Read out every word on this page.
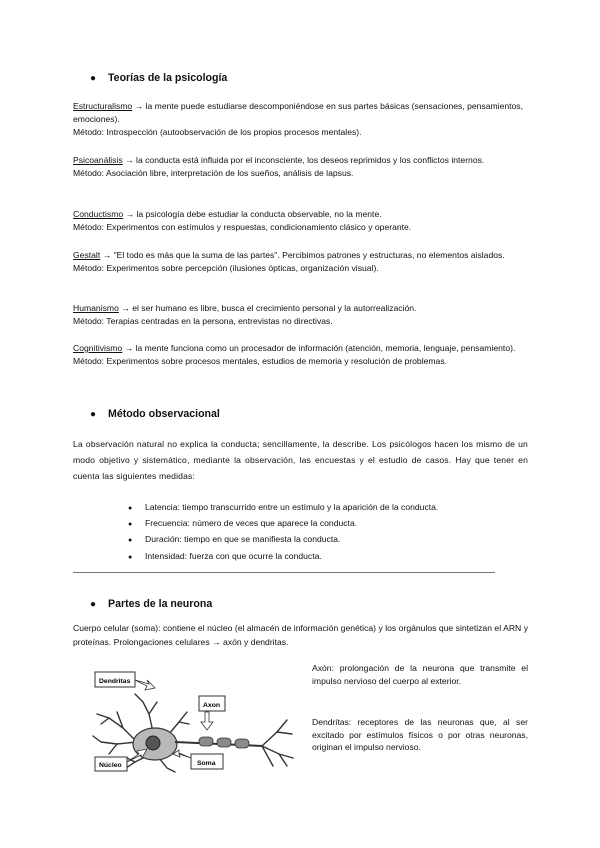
● Teorías de la psicología

Estructuralismo → la mente puede estudiarse descomponiéndose en sus partes básicas (sensaciones, pensamientos, emociones).

Método: Introspección (autoobservación de los propios procesos mentales).

Psicoanálisis → la conducta está influida por el inconsciente, los deseos reprimidos y los conflictos internos.

Método: Asociación libre, interpretación de los sueños, análisis de lapsus.

Conductismo → la psicología debe estudiar la conducta observable, no la mente.

Método: Experimentos con estímulos y respuestas, condicionamiento clásico y operante.

Gestalt → "El todo es más que la suma de las partes". Percibimos patrones y estructuras, no elementos aislados.

Método: Experimentos sobre percepción (ilusiones ópticas, organización visual).

Humanismo → el ser humano es libre, busca el crecimiento personal y la autorrealización.

Método: Terapias centradas en la persona, entrevistas no directivas.

Cognitivismo → la mente funciona como un procesador de información (atención, memoria, lenguaje, pensamiento).

Método: Experimentos sobre procesos mentales, estudios de memoria y resolución de problemas.

● Método observacional
La observación natural no explica la conducta; sencillamente, la describe. Los psicólogos hacen los mismo de un modo objetivo y sistemático, mediante la observación, las encuestas y el estudio de casos. Hay que tener en cuenta las siguientes medidas:
● Latencia: tiempo transcurrido entre un estímulo y la aparición de la conducta.
● Frecuencia: número de veces que aparece la conducta.
● Duración: tiempo en que se manifiesta la conducta.
● Intensidad: fuerza con que ocurre la conducta.
● Partes de la neurona
Cuerpo celular (soma): contiene el núcleo (el almacén de información genética) y los orgánulos que sintetizan el ARN y proteínas. Prolongaciones celulares → axón y dendritas.
Dendritas
Axon
Núcleo	Soma
Axón: prolongación de la neurona que transmite el impulso nervioso del cuerpo al exterior.
Dendritas: receptores de las neuronas que, al ser excitado por estímulos físicos o por otras neuronas, originan el impulso nervioso.
